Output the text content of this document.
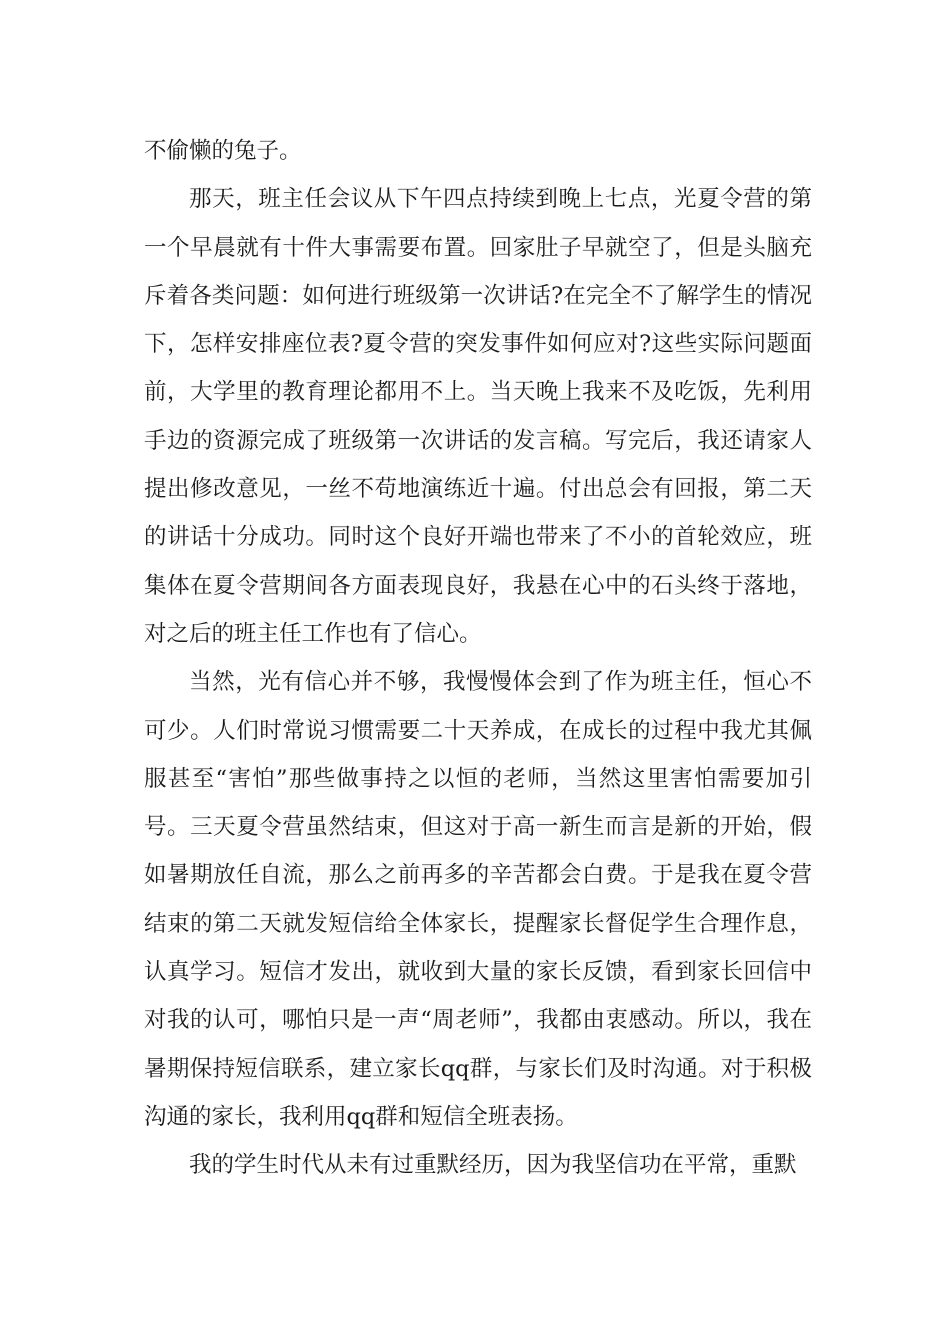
不偷懒的兔子。

那天，班主任会议从下午四点持续到晚上七点，光夏令营的第一个早晨就有十件大事需要布置。回家肚子早就空了，但是头脑充斥着各类问题：如何进行班级第一次讲话?在完全不了解学生的情况下，怎样安排座位表?夏令营的突发事件如何应对?这些实际问题面前，大学里的教育理论都用不上。当天晚上我来不及吃饭，先利用手边的资源完成了班级第一次讲话的发言稿。写完后，我还请家人提出修改意见，一丝不苟地演练近十遍。付出总会有回报，第二天的讲话十分成功。同时这个良好开端也带来了不小的首轮效应，班集体在夏令营期间各方面表现良好，我悬在心中的石头终于落地，对之后的班主任工作也有了信心。

当然，光有信心并不够，我慢慢体会到了作为班主任，恒心不可少。人们时常说习惯需要二十天养成，在成长的过程中我尤其佩服甚至“害怕”那些做事持之以恒的老师，当然这里害怕需要加引号。三天夏令营虽然结束，但这对于高一新生而言是新的开始，假如暑期放任自流，那么之前再多的辛苦都会白费。于是我在夏令营结束的第二天就发短信给全体家长，提醒家长督促学生合理作息，认真学习。短信才发出，就收到大量的家长反馈，看到家长回信中对我的认可，哪怕只是一声“周老师”，我都由衷感动。所以，我在暑期保持短信联系，建立家长qq群，与家长们及时沟通。对于积极沟通的家长，我利用qq群和短信全班表扬。

我的学生时代从未有过重默经历，因为我坚信功在平常，重默
